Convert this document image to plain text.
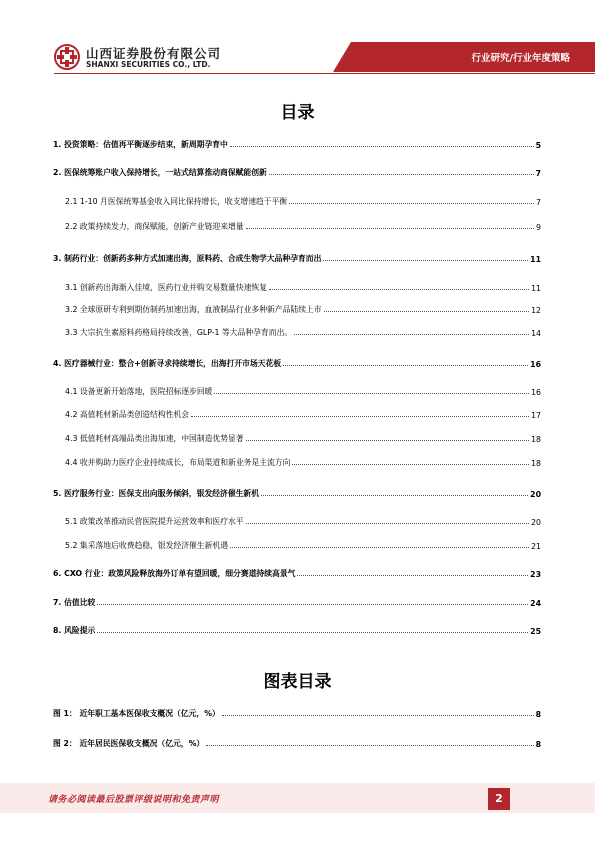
山西证券股份有限公司
SHANXI SECURITIES CO., LTD.
行业研究/行业年度策略
目录
1. 投资策略：估值再平衡逐步结束，新周期孕育中	5
2. 医保统筹账户收入保持增长，一站式结算推动商保赋能创新	7
2.1 1-10 月医保统筹基金收入同比保持增长，收支增速趋于平衡	7
2.2 政策持续发力，商保赋能，创新产业链迎来增量	9
3. 制药行业：创新药多种方式加速出海，原料药、合成生物学大品种孕育而出	11
3.1 创新药出海渐入佳境，医药行业并购交易数量快速恢复	11
3.2 全球原研专利到期仿制药加速出海，血液制品行业多种新产品陆续上市	12
3.3 大宗抗生素原料药格局持续改善，GLP-1 等大品种孕育而出。	14
4. 医疗器械行业：整合+创新寻求持续增长，出海打开市场天花板	16
4.1 设备更新开始落地，医院招标逐步回暖	16
4.2 高值耗材新品类创造结构性机会	17
4.3 低值耗材高端品类出海加速，中国制造优势显著	18
4.4 收并购助力医疗企业持续成长，布局渠道和新业务是主流方向	18
5. 医疗服务行业：医保支出向服务倾斜，银发经济催生新机	20
5.1 政策改革推动民营医院提升运营效率和医疗水平	20
5.2 集采落地后收费趋稳，银发经济催生新机遇	21
6. CXO 行业：政策风险释放海外订单有望回暖，细分赛道持续高景气	23
7. 估值比较	24
8. 风险提示	25
图表目录
图 1： 近年职工基本医保收支概况（亿元，%）	8
图 2： 近年居民医保收支概况（亿元，%）	8
请务必阅读最后股票评级说明和免责声明	2
